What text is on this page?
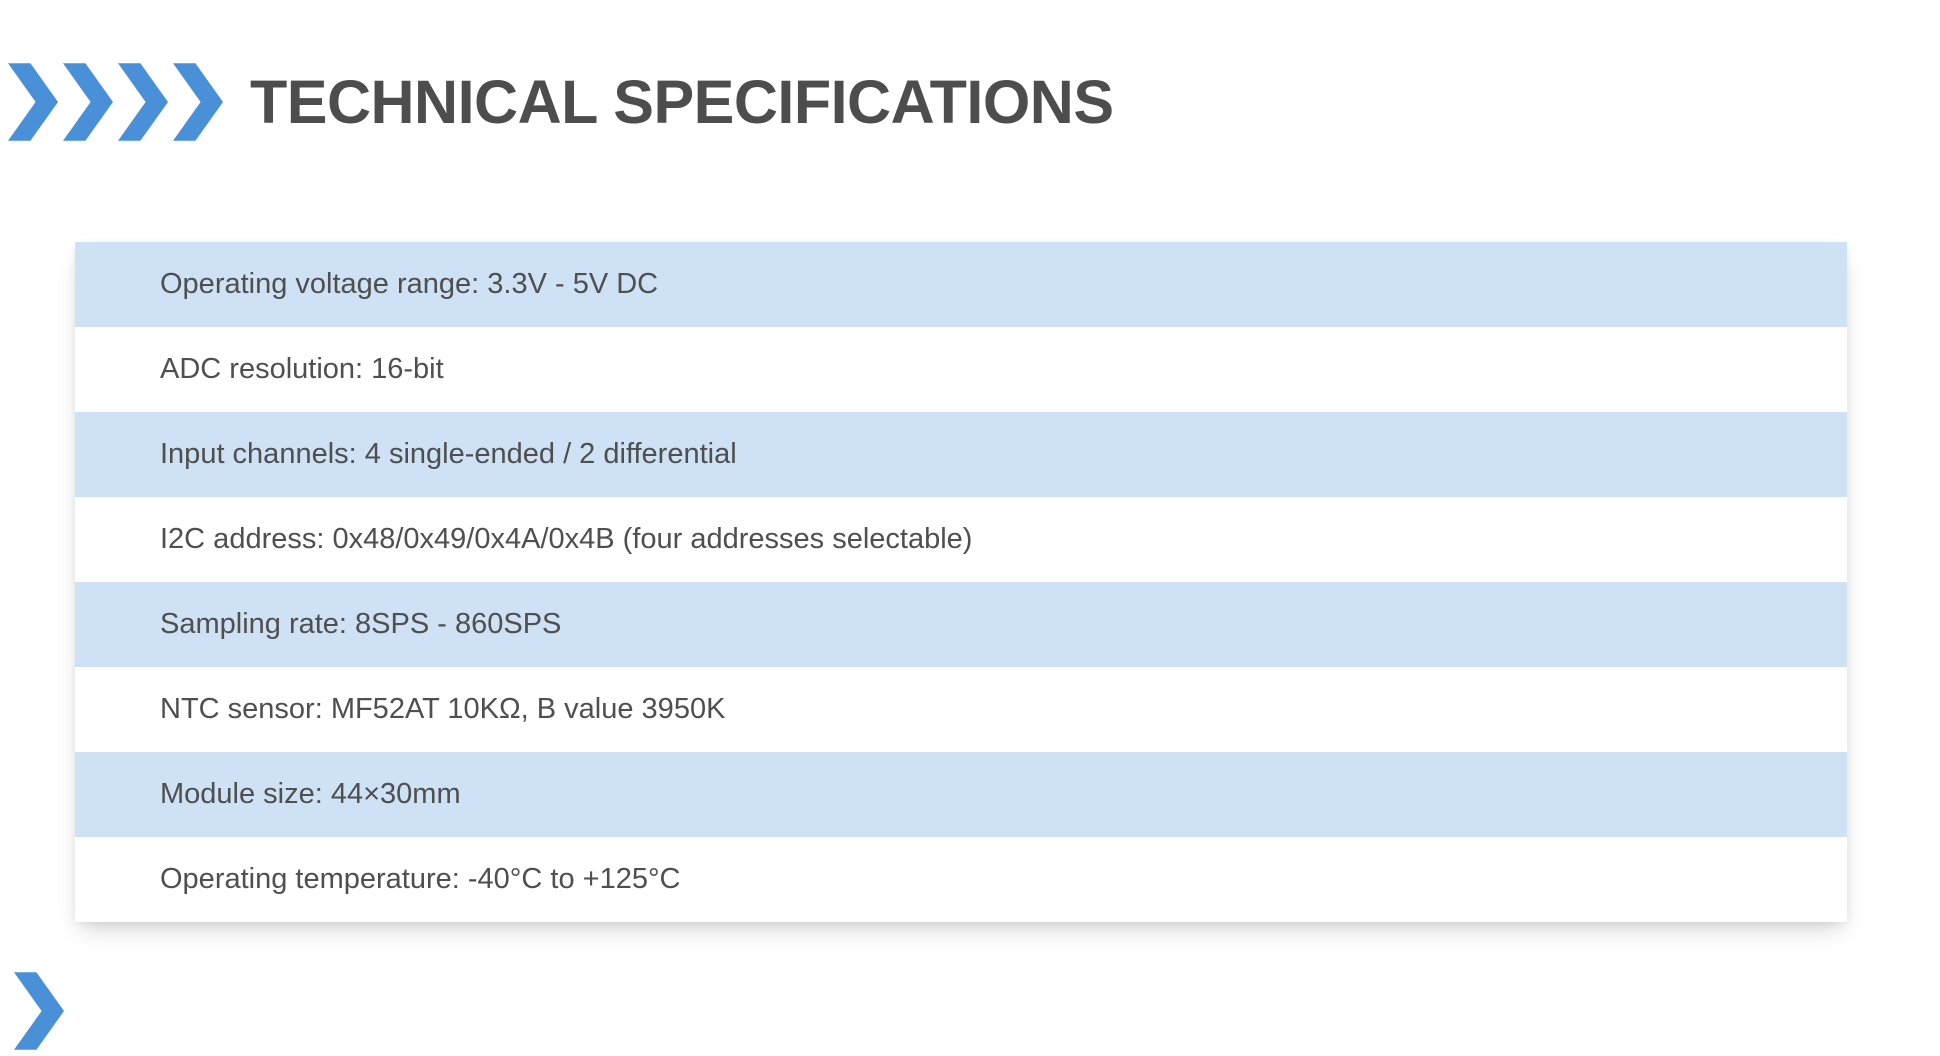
TECHNICAL SPECIFICATIONS
Operating voltage range: 3.3V - 5V DC
ADC resolution: 16-bit
Input channels: 4 single-ended / 2 differential
I2C address: 0x48/0x49/0x4A/0x4B (four addresses selectable)
Sampling rate: 8SPS - 860SPS
NTC sensor: MF52AT 10KΩ, B value 3950K
Module size: 44×30mm
Operating temperature: -40°C to +125°C
